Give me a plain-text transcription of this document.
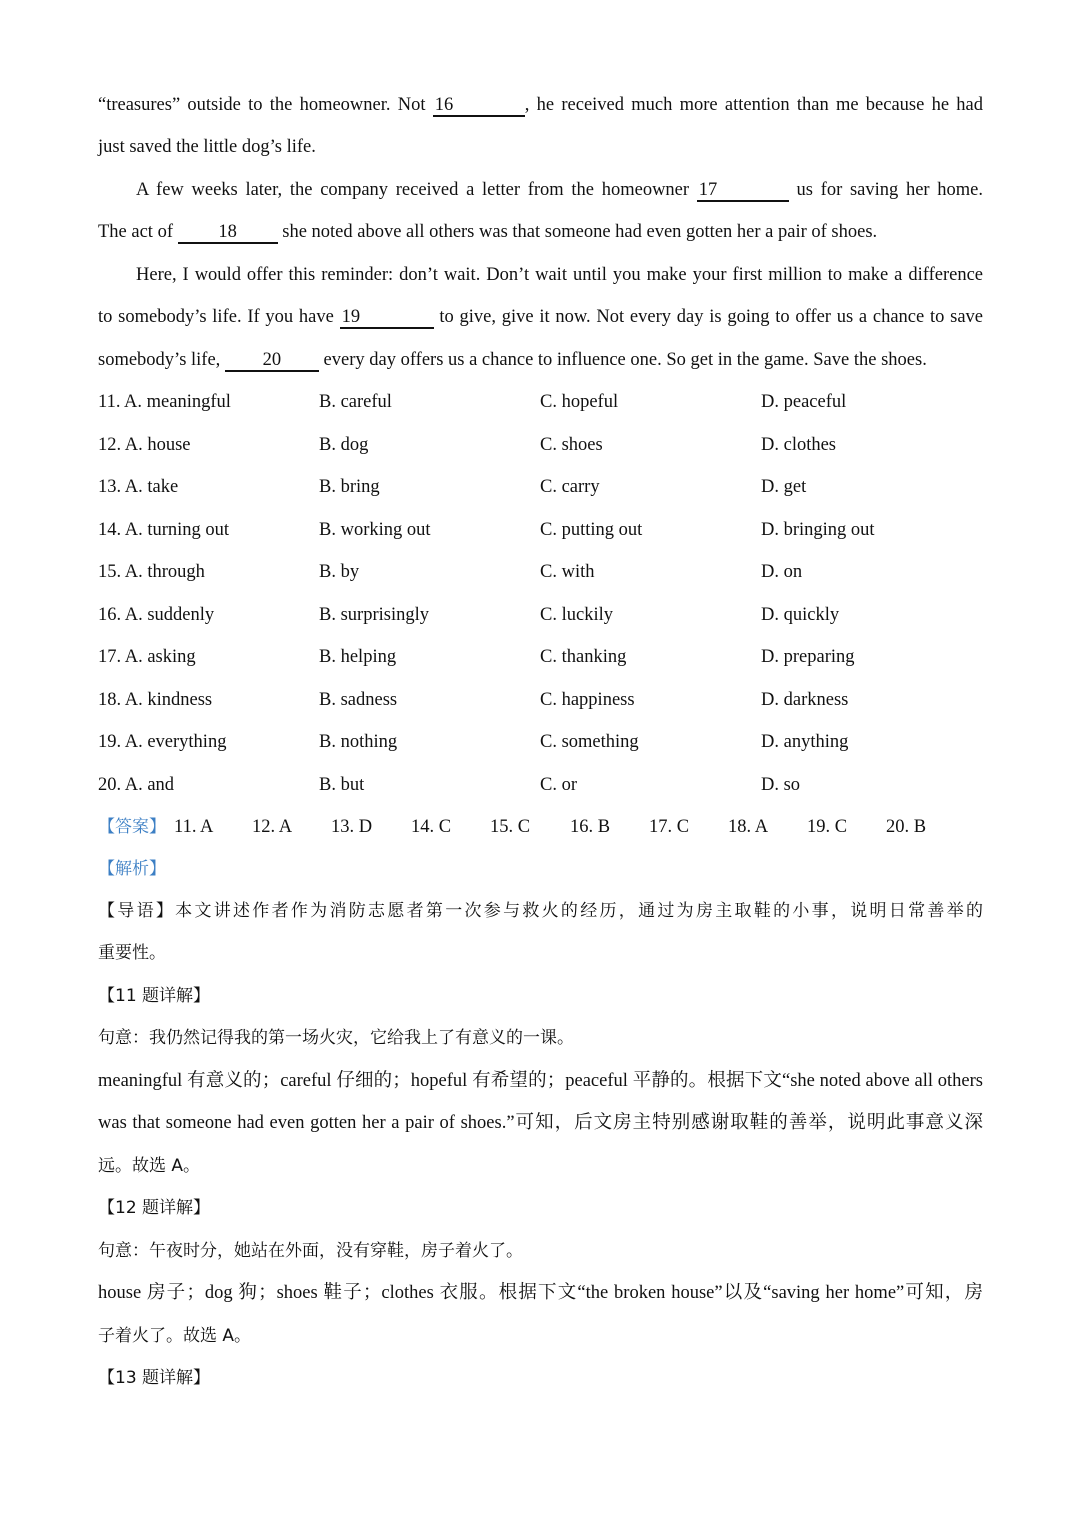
“treasures” outside to the homeowner. Not 16	, he received much more attention than me because he had
just saved the little dog’s life.
A few weeks later, the company received a letter from the homeowner 17	us for saving her home.
The act of 18 she noted above all others was that someone had even gotten her a pair of shoes.
Here, I would offer this reminder: don’t wait. Don’t wait until you make your first million to make a difference
to somebody’s life. If you have 19	to give, give it now. Not every day is going to offer us a chance to save
somebody’s life, 20 every day offers us a chance to influence one. So get in the game. Save the shoes.
11. A. meaningful	B. careful	C. hopeful	D. peaceful
12. A. house	B. dog	C. shoes	D. clothes
13. A. take	B. bring	C. carry	D. get
14. A. turning out	B. working out	C. putting out	D. bringing out
15. A. through	B. by	C. with	D. on
16. A. suddenly	B. surprisingly	C. luckily	D. quickly
17. A. asking	B. helping	C. thanking	D. preparing
18. A. kindness	B. sadness	C. happiness	D. darkness
19. A. everything	B. nothing	C. something	D. anything
20. A. and	B. but	C. or	D. so
【答案】 11. A 12. A 13. D 14. C 15. C 16. B 17. C 18. A 19. C 20. B
【解析】
【导语】本文讲述作者作为消防志愿者第一次参与救火的经历，通过为房主取鞋的小事，说明日常善举的
重要性。
【11 题详解】
句意：我仍然记得我的第一场火灾，它给我上了有意义的一课。
meaningful 有意义的；careful 仔细的；hopeful 有希望的；peaceful 平静的。根据下文“she noted above all others
was that someone had even gotten her a pair of shoes.”可知，后文房主特别感谢取鞋的善举，说明此事意义深
远。故选 A。
【12 题详解】
句意：午夜时分，她站在外面，没有穿鞋，房子着火了。
house 房子；dog 狗；shoes 鞋子；clothes 衣服。根据下文“the broken house”以及“saving her home”可知，房
子着火了。故选 A。
【13 题详解】
